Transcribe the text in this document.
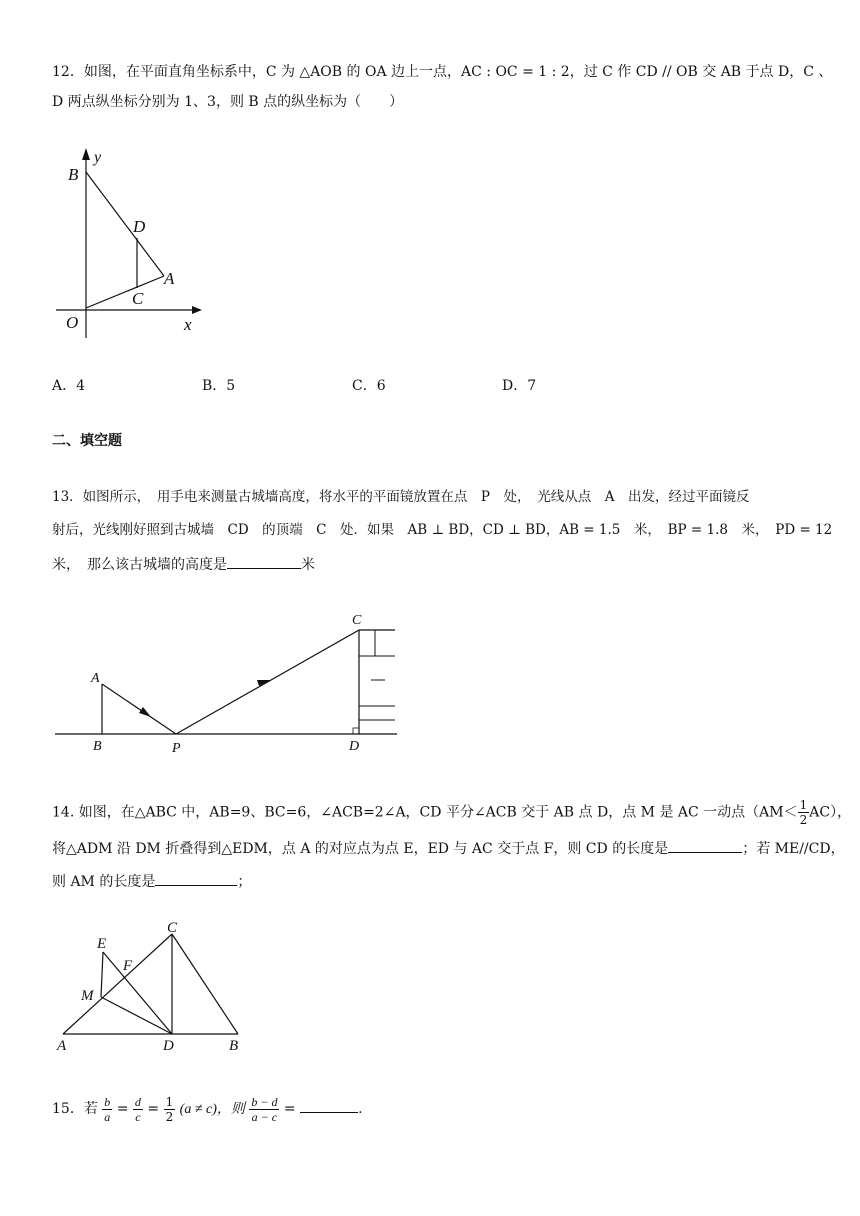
12．如图，在平面直角坐标系中，C 为 △AOB 的 OA 边上一点，AC : OC = 1 : 2，过 C 作 CD // OB 交 AB 于点 D，C 、
D 两点纵坐标分别为 1、3，则 B 点的纵坐标为（　　）
y
B
D
A
C
O	x
A．4	B．5	C．6	D．7
二、填空题
13．如图所示，　用手电来测量古城墙高度，将水平的平面镜放置在点　P　处，　光线从点　A　出发，经过平面镜反
射后，光线刚好照到古城墙　CD　的顶端　C　处．如果　AB ⊥ BD，CD ⊥ BD，AB = 1.5　米，　BP = 1.8　米，　PD = 12
米，　那么该古城墙的高度是	米
A
B	P
C
D
14. 如图，在△ABC 中，AB=9、BC=6，∠ACB=2∠A，CD 平分∠ACB 交于 AB 点 D，点 M 是 AC 一动点$(AM< \frac{1}{2} AC)$，
将△ADM 沿 DM 折叠得到△EDM，点 A 的对应点为点 E，ED 与 AC 交于点 F，则 CD 的长度是	；若 ME//CD，
则 AM 的长度是	；
E
C
F
M
A	D	B
15．若 $\frac{b}{a} = \frac{d}{c} = \frac{1}{2} (a \ne c)$，则 $\frac{b - d}{a - c}$ =	.
